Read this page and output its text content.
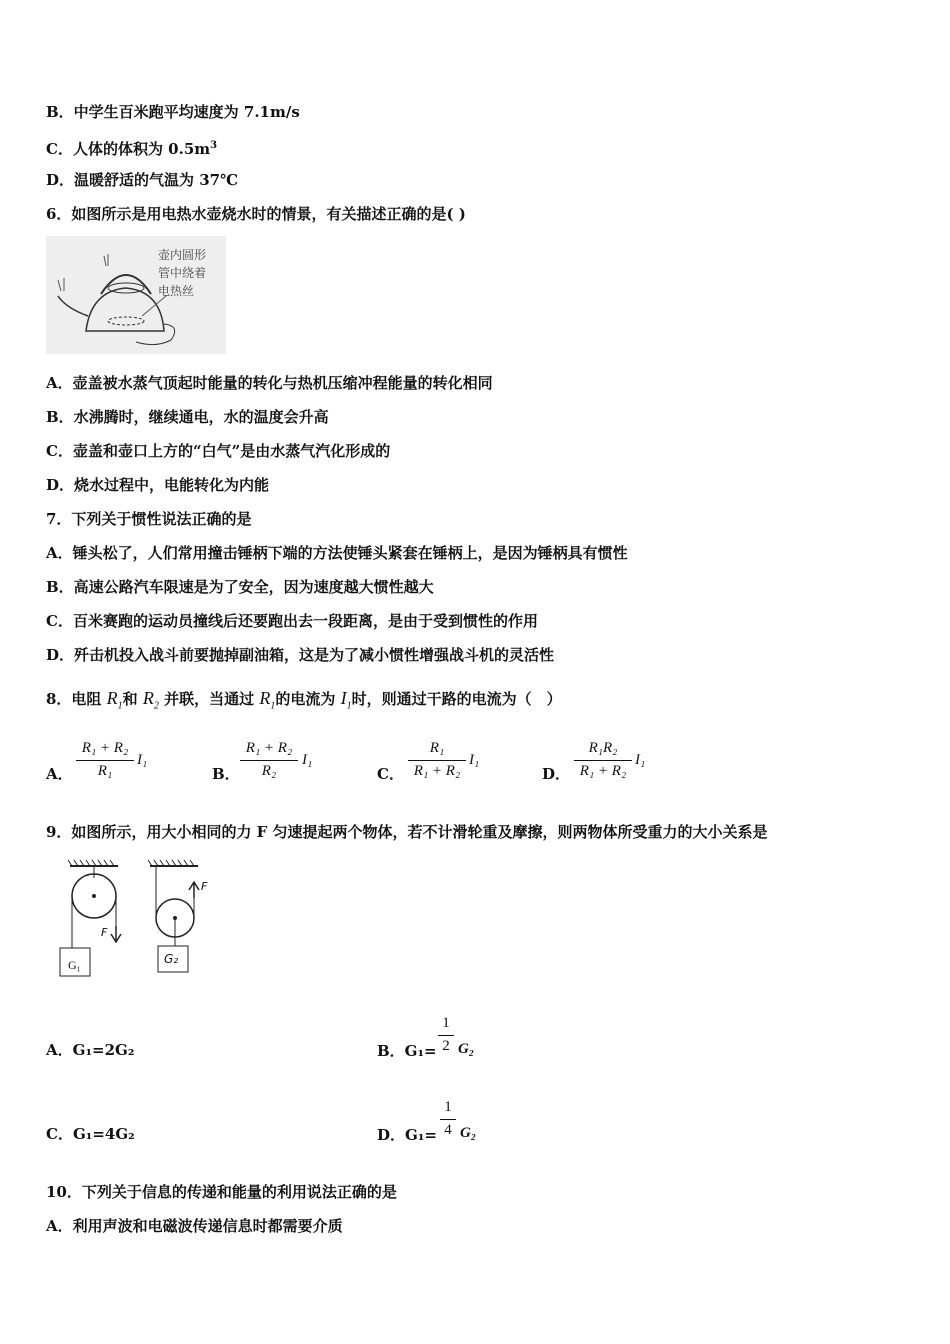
B．中学生百米跑平均速度为 7.1m/s
C．人体的体积为 $0.5m^3$
D．温暖舒适的气温为 37℃
6．如图所示是用电热水壶烧水时的情景，有关描述正确的是( )
壶内圆形
管中绕着
电热丝
A．壶盖被水蒸气顶起时能量的转化与热机压缩冲程能量的转化相同
B．水沸腾时，继续通电，水的温度会升高
C．壶盖和壶口上方的“白气”是由水蒸气汽化形成的
D．烧水过程中，电能转化为内能
7．下列关于惯性说法正确的是
A．锤头松了，人们常用撞击锤柄下端的方法使锤头紧套在锤柄上，是因为锤柄具有惯性
B．高速公路汽车限速是为了安全，因为速度越大惯性越大
C．百米赛跑的运动员撞线后还要跑出去一段距离，是由于受到惯性的作用
D．歼击机投入战斗前要抛掉副油箱，这是为了减小惯性增强战斗机的灵活性
8．电阻 $R_1$和 $R_2$ 并联，当通过 $R_1$的电流为 $I_1$时，则通过干路的电流为（　）
A．
R₁ + R₂
R₁
I₁
B．
R₁ + R₂
R₂
I₁
C．
R₁
R₁ + R₂
I₁
D．
R₁R₂
R₁ + R₂
I₁
9．如图所示，用大小相同的力 F 匀速提起两个物体，若不计滑轮重及摩擦，则两物体所受重力的大小关系是
F
F
G₁	G₂
A．G₁=2G₂	B．G₁=
1
2 G₂
C．G₁=4G₂	D．G₁=
1
4 G₂
10．下列关于信息的传递和能量的利用说法正确的是
A．利用声波和电磁波传递信息时都需要介质
